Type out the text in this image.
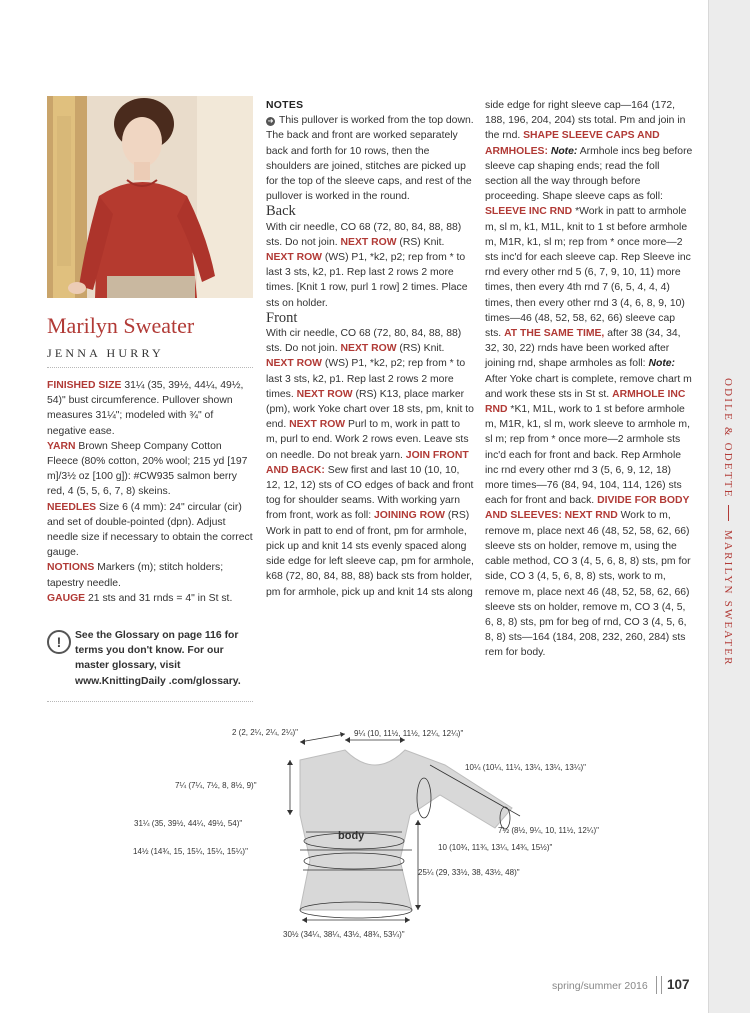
ODILE & ODETTE
MARILYN SWEATER
Marilyn Sweater
JENNA HURRY

FINISHED SIZE 31¼ (35, 39½, 44¼, 49½, 54)" bust circumference. Pullover shown measures 31¼"; modeled with ¾" of negative ease.

YARN Brown Sheep Company Cotton Fleece (80% cotton, 20% wool; 215 yd [197 m]/3½ oz [100 g]): #CW935 salmon berry red, 4 (5, 5, 6, 7, 8) skeins.

NEEDLES Size 6 (4 mm): 24" circular (cir) and set of double-pointed (dpn). Adjust needle size if necessary to obtain the correct gauge.

NOTIONS Markers (m); stitch holders; tapestry needle.

GAUGE 21 sts and 31 rnds = 4" in St st.

!	See the Glossary on page 116 for terms you don't know. For our master glossary, visit www.KnittingDaily .com/glossary.

NOTES

➜ This pullover is worked from the top down. The back and front are worked separately back and forth for 10 rows, then the shoulders are joined, stitches are picked up for the top of the sleeve caps, and rest of the pullover is worked in the round.

Back

With cir needle, CO 68 (72, 80, 84, 88, 88) sts. Do not join. NEXT ROW (RS) Knit. NEXT ROW (WS) P1, *k2, p2; rep from * to last 3 sts, k2, p1. Rep last 2 rows 2 more times. [Knit 1 row, purl 1 row] 2 times. Place sts on holder.

Front

With cir needle, CO 68 (72, 80, 84, 88, 88) sts. Do not join. NEXT ROW (RS) Knit. NEXT ROW (WS) P1, *k2, p2; rep from * to last 3 sts, k2, p1. Rep last 2 rows 2 more times. NEXT ROW (RS) K13, place marker (pm), work Yoke chart over 18 sts, pm, knit to end. NEXT ROW Purl to m, work in patt to m, purl to end. Work 2 rows even. Leave sts on needle. Do not break yarn. JOIN FRONT AND BACK: Sew first and last 10 (10, 10, 12, 12, 12) sts of CO edges of back and front tog for shoulder seams. With working yarn from front, work as foll: JOINING ROW (RS) Work in patt to end of front, pm for armhole, pick up and knit 14 sts evenly spaced along side edge for left sleeve cap, pm for armhole, k68 (72, 80, 84, 88, 88) back sts from holder, pm for armhole, pick up and knit 14 sts along

side edge for right sleeve cap—164 (172, 188, 196, 204, 204) sts total. Pm and join in the rnd. SHAPE SLEEVE CAPS AND ARMHOLES: Note: Armhole incs beg before sleeve cap shaping ends; read the foll section all the way through before proceeding. Shape sleeve caps as foll: SLEEVE INC RND *Work in patt to armhole m, sl m, k1, M1L, knit to 1 st before armhole m, M1R, k1, sl m; rep from * once more—2 sts inc'd for each sleeve cap. Rep Sleeve inc rnd every other rnd 5 (6, 7, 9, 10, 11) more times, then every 4th rnd 7 (6, 5, 4, 4, 4) times, then every other rnd 3 (4, 6, 8, 9, 10) times—46 (48, 52, 58, 62, 66) sleeve cap sts. AT THE SAME TIME, after 38 (34, 34, 32, 30, 22) rnds have been worked after joining rnd, shape armholes as foll: Note: After Yoke chart is complete, remove chart m and work these sts in St st. ARMHOLE INC RND *K1, M1L, work to 1 st before armhole m, M1R, k1, sl m, work sleeve to armhole m, sl m; rep from * once more—2 armhole sts inc'd each for front and back. Rep Armhole inc rnd every other rnd 3 (5, 6, 9, 12, 18) more times—76 (84, 94, 104, 114, 126) sts each for front and back. DIVIDE FOR BODY AND SLEEVES: NEXT RND Work to m, remove m, place next 46 (48, 52, 58, 62, 66) sleeve sts on holder, remove m, using the cable method, CO 3 (4, 5, 6, 8, 8) sts, pm for side, CO 3 (4, 5, 6, 8, 8) sts, work to m, remove m, place next 46 (48, 52, 58, 62, 66) sleeve sts on holder, remove m, CO 3 (4, 5, 6, 8, 8) sts, pm for beg of rnd, CO 3 (4, 5, 6, 8, 8) sts—164 (184, 208, 232, 260, 284) sts rem for body.

body
2 (2, 2¼, 2¼, 2¼)"	9¼ (10, 11½, 11½, 12¼, 12¼)"
10¼ (10¼, 11¼, 13¼, 13¼, 13¼)"
7¼ (7¼, 7½, 8, 8½, 9)"
31¼ (35, 39½, 44¼, 49½, 54)"
7½ (8½, 9¼, 10, 11½, 12¼)"
14½ (14¾, 15, 15¼, 15¼, 15¼)"	10 (10¾, 11¾, 13¼, 14¾, 15½)"
25¼ (29, 33½, 38, 43½, 48)"
30½ (34¼, 38¼, 43½, 48¾, 53¼)"
spring/summer 2016 107
